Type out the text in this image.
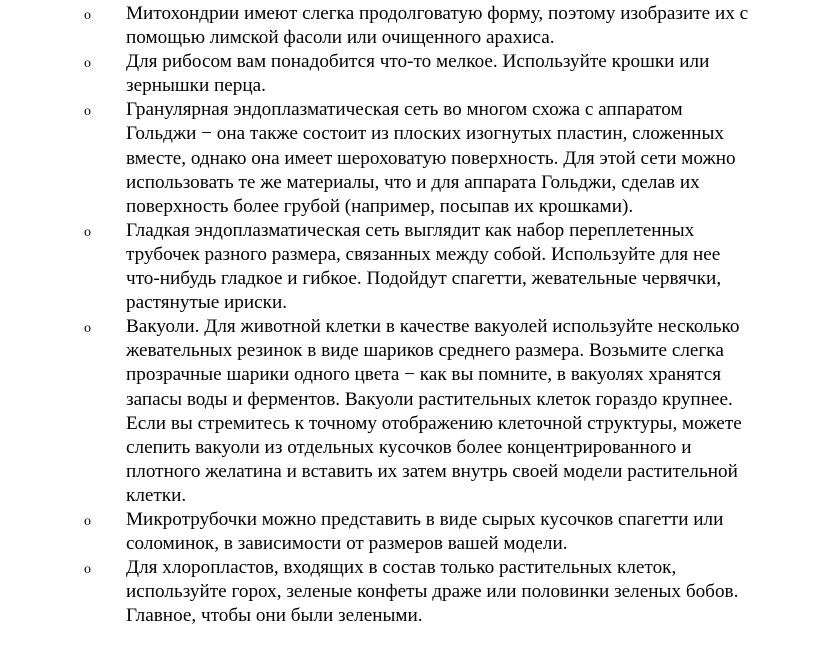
o Митохондрии имеют слегка продолговатую форму, поэтому изобразите их с
помощью лимской фасоли или очищенного арахиса.
o Для рибосом вам понадобится что-то мелкое. Используйте крошки или
зернышки перца.
o Гранулярная эндоплазматическая сеть во многом схожа с аппаратом
Гольджи − она также состоит из плоских изогнутых пластин, сложенных
вместе, однако она имеет шероховатую поверхность. Для этой сети можно
использовать те же материалы, что и для аппарата Гольджи, сделав их
поверхность более грубой (например, посыпав их крошками).
o Гладкая эндоплазматическая сеть выглядит как набор переплетенных
трубочек разного размера, связанных между собой. Используйте для нее
что-нибудь гладкое и гибкое. Подойдут спагетти, жевательные червячки,
растянутые ириски.
o Вакуоли. Для животной клетки в качестве вакуолей используйте несколько
жевательных резинок в виде шариков среднего размера. Возьмите слегка
прозрачные шарики одного цвета − как вы помните, в вакуолях хранятся
запасы воды и ферментов. Вакуоли растительных клеток гораздо крупнее.
Если вы стремитесь к точному отображению клеточной структуры, можете
слепить вакуоли из отдельных кусочков более концентрированного и
плотного желатина и вставить их затем внутрь своей модели растительной
клетки.
o Микротрубочки можно представить в виде сырых кусочков спагетти или
соломинок, в зависимости от размеров вашей модели.
o Для хлоропластов, входящих в состав только растительных клеток,
используйте горох, зеленые конфеты драже или половинки зеленых бобов.
Главное, чтобы они были зелеными.
